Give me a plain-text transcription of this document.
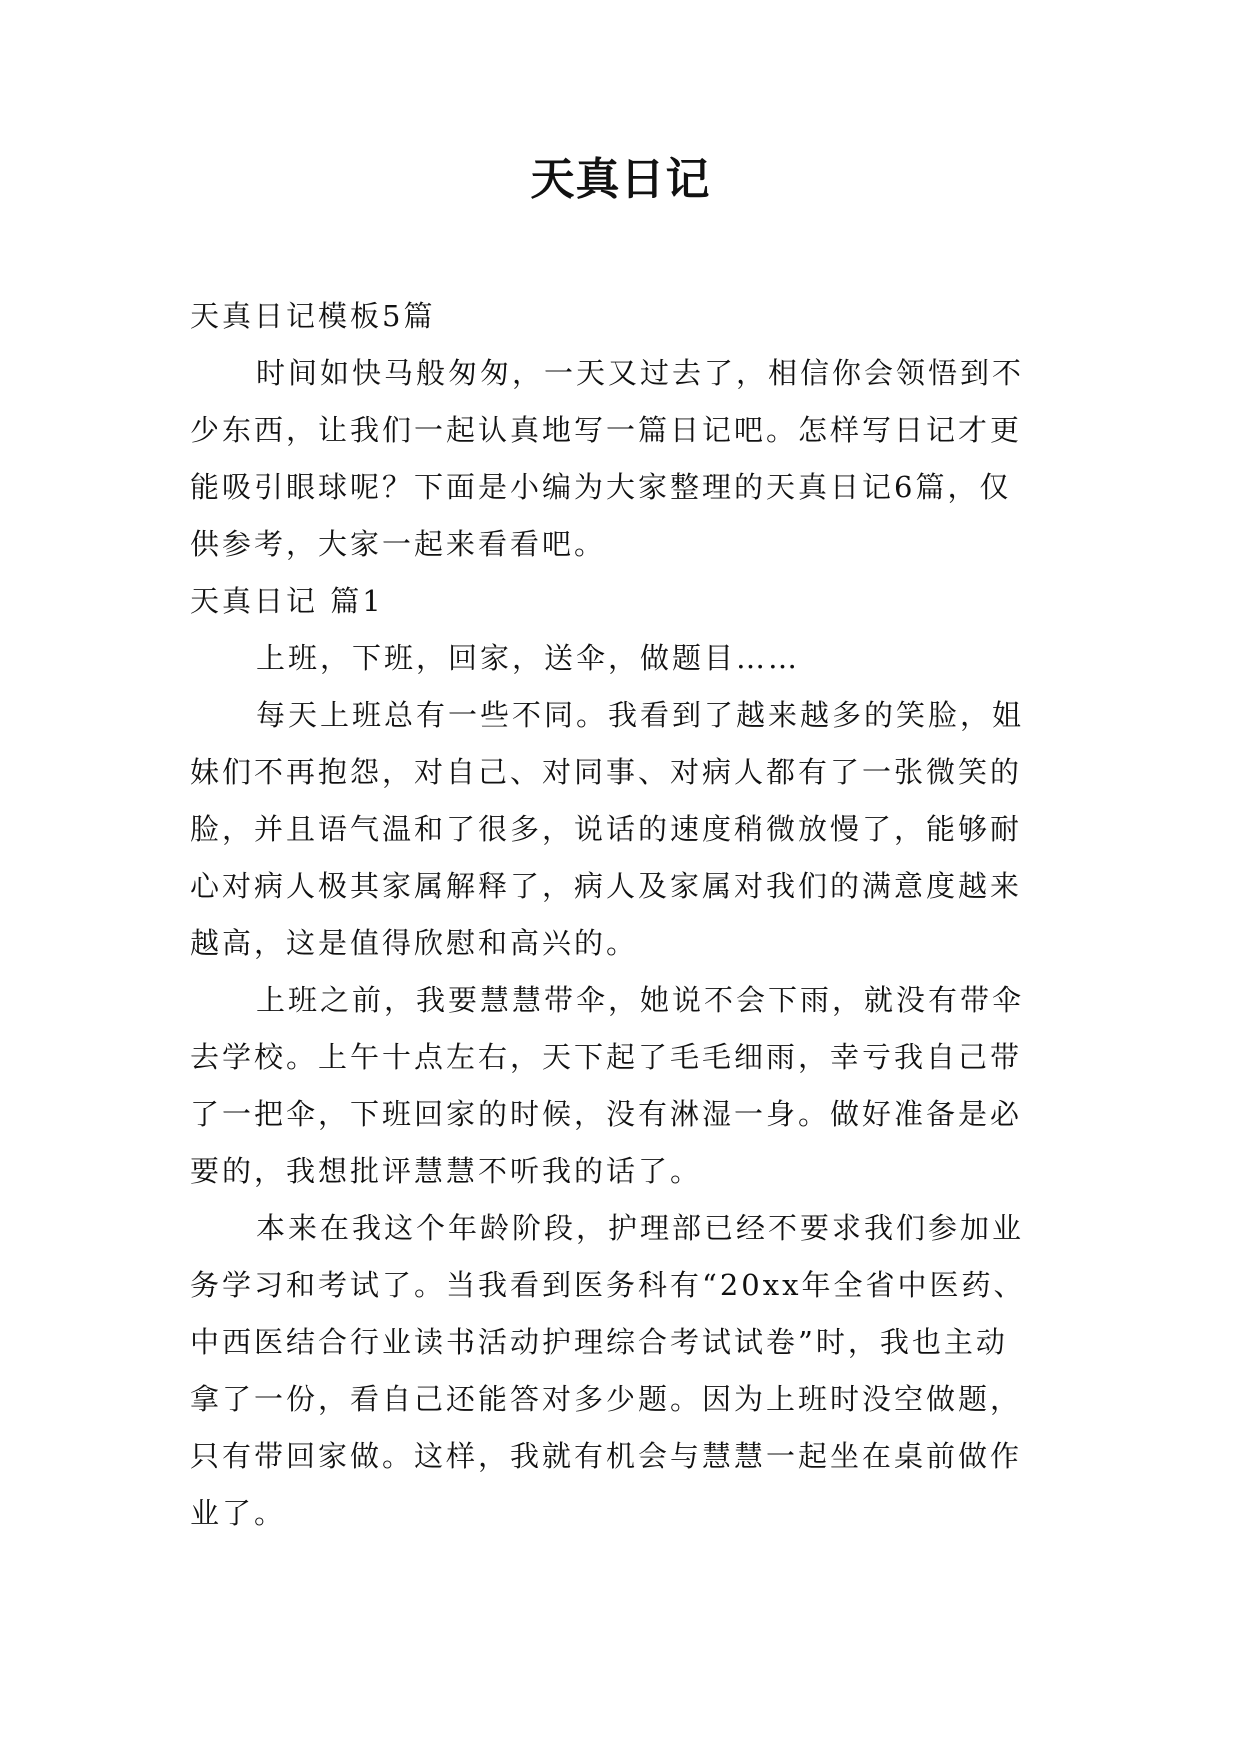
天真日记

天真日记模板5篇

时间如快马般匆匆，一天又过去了，相信你会领悟到不

少东西，让我们一起认真地写一篇日记吧。怎样写日记才更

能吸引眼球呢？下面是小编为大家整理的天真日记6篇，仅

供参考，大家一起来看看吧。

天真日记 篇1

上班，下班，回家，送伞，做题目……

每天上班总有一些不同。我看到了越来越多的笑脸，姐

妹们不再抱怨，对自己、对同事、对病人都有了一张微笑的

脸，并且语气温和了很多，说话的速度稍微放慢了，能够耐

心对病人极其家属解释了，病人及家属对我们的满意度越来

越高，这是值得欣慰和高兴的。

上班之前，我要慧慧带伞，她说不会下雨，就没有带伞

去学校。上午十点左右，天下起了毛毛细雨，幸亏我自己带

了一把伞，下班回家的时候，没有淋湿一身。做好准备是必

要的，我想批评慧慧不听我的话了。

本来在我这个年龄阶段，护理部已经不要求我们参加业

务学习和考试了。当我看到医务科有“20xx年全省中医药、

中西医结合行业读书活动护理综合考试试卷”时，我也主动

拿了一份，看自己还能答对多少题。因为上班时没空做题，

只有带回家做。这样，我就有机会与慧慧一起坐在桌前做作

业了。
